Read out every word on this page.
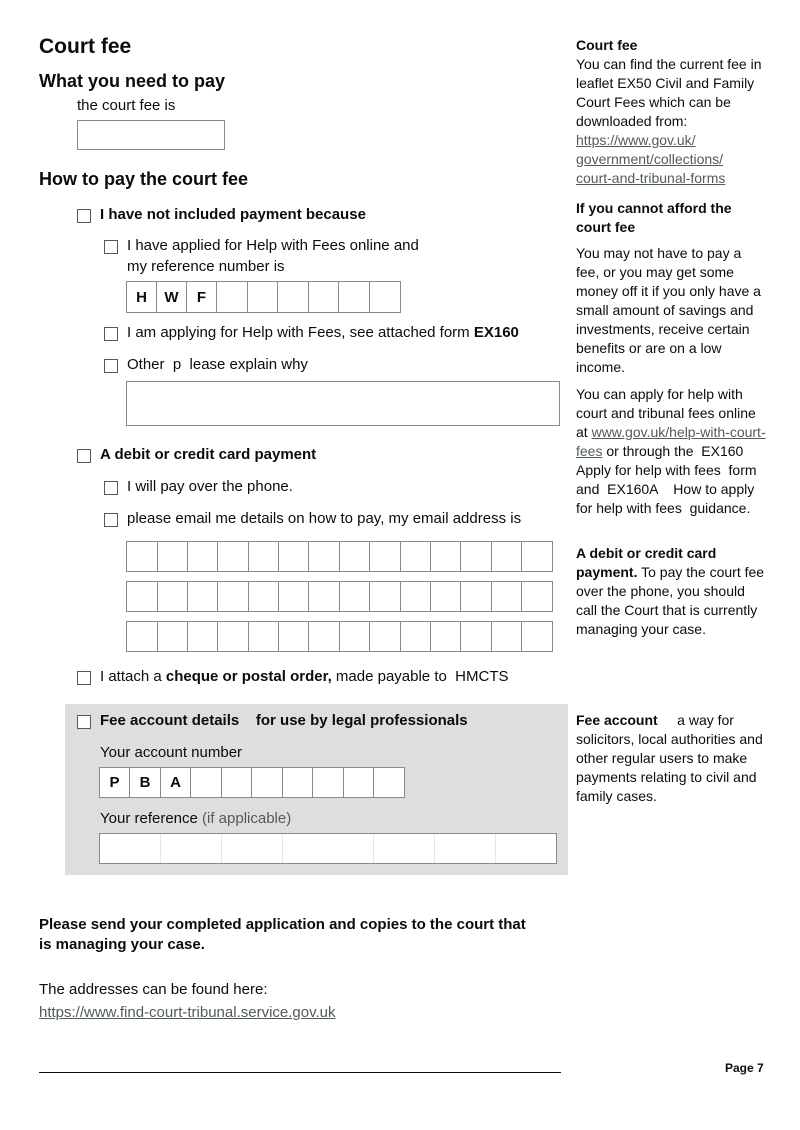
Court fee
What you need to pay
the court fee is
How to pay the court fee
I have not included payment because
I have applied for Help with Fees online and
my reference number is
H	W	F
I am applying for Help with Fees, see attached form EX160
Other  p  lease explain why
A debit or credit card payment
I will pay over the phone.
please email me details on how to pay, my email address is
I attach a cheque or postal order, made payable to  HMCTS
Fee account details    for use by legal professionals
Your account number
P	B	A
Your reference (if applicable)
Please send your completed application and copies to the court that
is managing your case.
The addresses can be found here:
https://www.find-court-tribunal.service.gov.uk
Page 7

Court fee

You can find the current fee in leaflet EX50 Civil and Family Court Fees which can be downloaded from:

https://www.gov.uk/

government/collections/

court-and-tribunal-forms

If you cannot afford the court fee

You may not have to pay a fee, or you may get some money off it if you only have a small amount of savings and investments, receive certain benefits or are on a low income.

You can apply for help with court and tribunal fees online at www.gov.uk/help-with-court-fees or through the  EX160 Apply for help with fees  form and  EX160A    How to apply for help with fees  guidance.

A debit or credit card payment. To pay the court fee over the phone, you should call the Court that is currently managing your case.

Fee account     a way for solicitors, local authorities and other regular users to make payments relating to civil and family cases.
